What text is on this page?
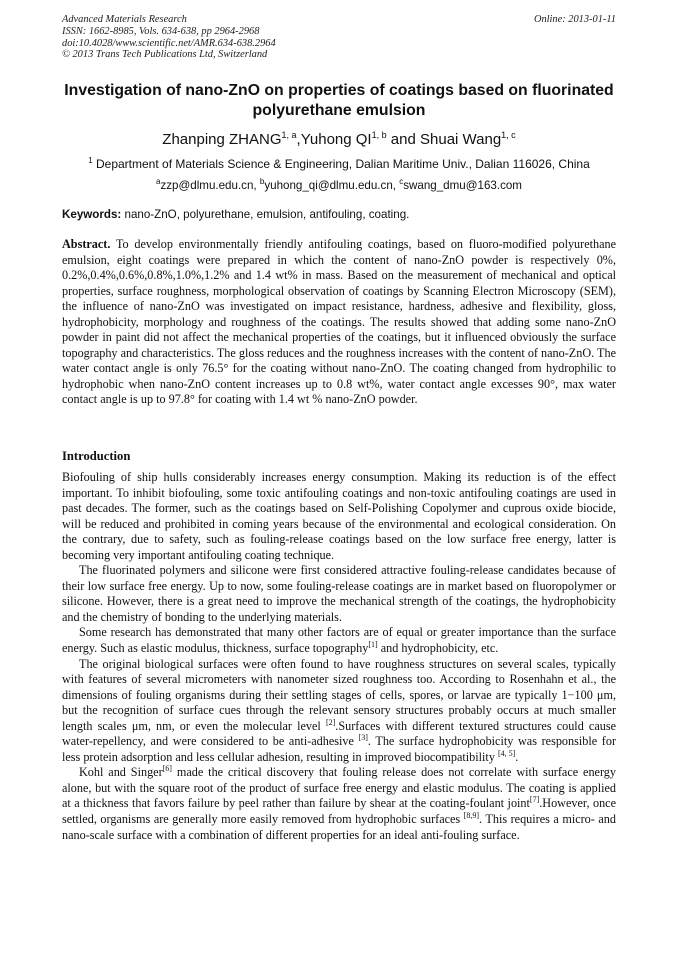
Advanced Materials Research
ISSN: 1662-8985, Vols. 634-638, pp 2964-2968
doi:10.4028/www.scientific.net/AMR.634-638.2964
© 2013 Trans Tech Publications Ltd, Switzerland
Online: 2013-01-11
Investigation of nano-ZnO on properties of coatings based on fluorinated polyurethane emulsion
Zhanping ZHANG$^{1, a}$,Yuhong QI$^{1, b}$ and Shuai Wang$^{1, c}$
$^1$ Department of Materials Science & Engineering, Dalian Maritime Univ., Dalian 116026, China
$^a$zzp@dlmu.edu.cn, $^b$yuhong_qi@dlmu.edu.cn, $^c$swang_dmu@163.com
Keywords: nano-ZnO, polyurethane, emulsion, antifouling, coating.
Abstract. To develop environmentally friendly antifouling coatings, based on fluoro-modified polyurethane emulsion, eight coatings were prepared in which the content of nano-ZnO powder is respectively 0%, 0.2%,0.4%,0.6%,0.8%,1.0%,1.2% and 1.4 wt% in mass. Based on the measurement of mechanical and optical properties, surface roughness, morphological observation of coatings by Scanning Electron Microscopy (SEM), the influence of nano-ZnO was investigated on impact resistance, hardness, adhesive and flexibility, gloss, hydrophobicity, morphology and roughness of the coatings. The results showed that adding some nano-ZnO powder in paint did not affect the mechanical properties of the coatings, but it influenced obviously the surface topography and characteristics. The gloss reduces and the roughness increases with the content of nano-ZnO. The water contact angle is only 76.5° for the coating without nano-ZnO. The coating changed from hydrophilic to hydrophobic when nano-ZnO content increases up to 0.8 wt%, water contact angle excesses 90°, max water contact angle is up to 97.8° for coating with 1.4 wt % nano-ZnO powder.
Introduction

Biofouling of ship hulls considerably increases energy consumption. Making its reduction is of the effect important. To inhibit biofouling, some toxic antifouling coatings and non-toxic antifouling coatings are used in past decades. The former, such as the coatings based on Self-Polishing Copolymer and cuprous oxide biocide, will be reduced and prohibited in coming years because of the environmental and ecological consideration. On the contrary, due to safety, such as fouling-release coatings based on the low surface free energy, latter is becoming very important antifouling coating technique.

The fluorinated polymers and silicone were first considered attractive fouling-release candidates because of their low surface free energy. Up to now, some fouling-release coatings are in market based on fluoropolymer or silicone. However, there is a great need to improve the mechanical strength of the coatings, the hydrophobicity and the chemistry of bonding to the underlying materials.

Some research has demonstrated that many other factors are of equal or greater importance than the surface energy. Such as elastic modulus, thickness, surface topography[1] and hydrophobicity, etc.

The original biological surfaces were often found to have roughness structures on several scales, typically with features of several micrometers with nanometer sized roughness too. According to Rosenhahn et al., the dimensions of fouling organisms during their settling stages of cells, spores, or larvae are typically 1−100 μm, but the recognition of surface cues through the relevant sensory structures probably occurs at much smaller length scales μm, nm, or even the molecular level [2].Surfaces with different textured structures could cause water-repellency, and were considered to be anti-adhesive [3]. The surface hydrophobicity was responsible for less protein adsorption and less cellular adhesion, resulting in improved biocompatibility [4, 5].

Kohl and Singer[6] made the critical discovery that fouling release does not correlate with surface energy alone, but with the square root of the product of surface free energy and elastic modulus. The coating is applied at a thickness that favors failure by peel rather than failure by shear at the coating-foulant joint[7].However, once settled, organisms are generally more easily removed from hydrophobic surfaces [8,9]. This requires a micro- and nano-scale surface with a combination of different properties for an ideal anti-fouling surface.
